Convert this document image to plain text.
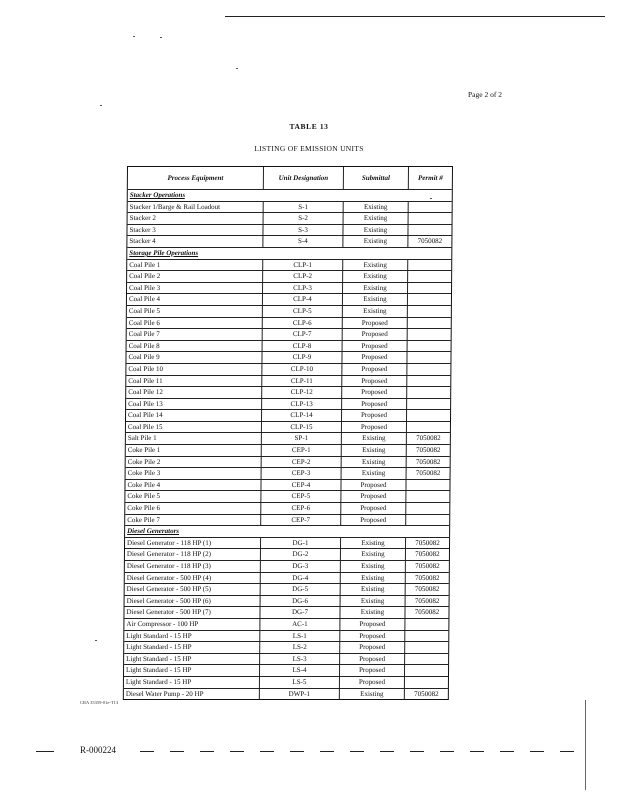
Page 2 of 2
TABLE 13
LISTING OF EMISSION UNITS
Process Equipment	Unit Designation	Submittal	Permit #
Stacker Operations
Stacker 1/Barge & Rail Loadout	S-1	Existing
Stacker 2	S-2	Existing
Stacker 3	S-3	Existing
Stacker 4	S-4	Existing	7050082
Storage Pile Operations
Coal Pile 1	CLP-1	Existing
Coal Pile 2	CLP-2	Existing
Coal Pile 3	CLP-3	Existing
Coal Pile 4	CLP-4	Existing
Coal Pile 5	CLP-5	Existing
Coal Pile 6	CLP-6	Proposed
Coal Pile 7	CLP-7	Proposed
Coal Pile 8	CLP-8	Proposed
Coal Pile 9	CLP-9	Proposed
Coal Pile 10	CLP-10	Proposed
Coal Pile 11	CLP-11	Proposed
Coal Pile 12	CLP-12	Proposed
Coal Pile 13	CLP-13	Proposed
Coal Pile 14	CLP-14	Proposed
Coal Pile 15	CLP-15	Proposed
Salt Pile 1	SP-1	Existing	7050082
Coke Pile 1	CEP-1	Existing	7050082
Coke Pile 2	CEP-2	Existing	7050082
Coke Pile 3	CEP-3	Existing	7050082
Coke Pile 4	CEP-4	Proposed
Coke Pile 5	CEP-5	Proposed
Coke Pile 6	CEP-6	Proposed
Coke Pile 7	CEP-7	Proposed
Diesel Generators
Diesel Generator - 118 HP (1)	DG-1	Existing	7050082
Diesel Generator - 118 HP (2)	DG-2	Existing	7050082
Diesel Generator - 118 HP (3)	DG-3	Existing	7050082
Diesel Generator - 500 HP (4)	DG-4	Existing	7050082
Diesel Generator - 500 HP (5)	DG-5	Existing	7050082
Diesel Generator - 500 HP (6)	DG-6	Existing	7050082
Diesel Generator - 500 HP (7)	DG-7	Existing	7050082
Air Compressor - 100 HP	AC-1	Proposed
Light Standard - 15 HP	LS-1	Proposed
Light Standard - 15 HP	LS-2	Proposed
Light Standard - 15 HP	LS-3	Proposed
Light Standard - 15 HP	LS-4	Proposed
Light Standard - 15 HP	LS-5	Proposed
Diesel Water Pump - 20 HP	DWP-1	Existing	7050082
CRA 35359-01e-T13
R-000224
